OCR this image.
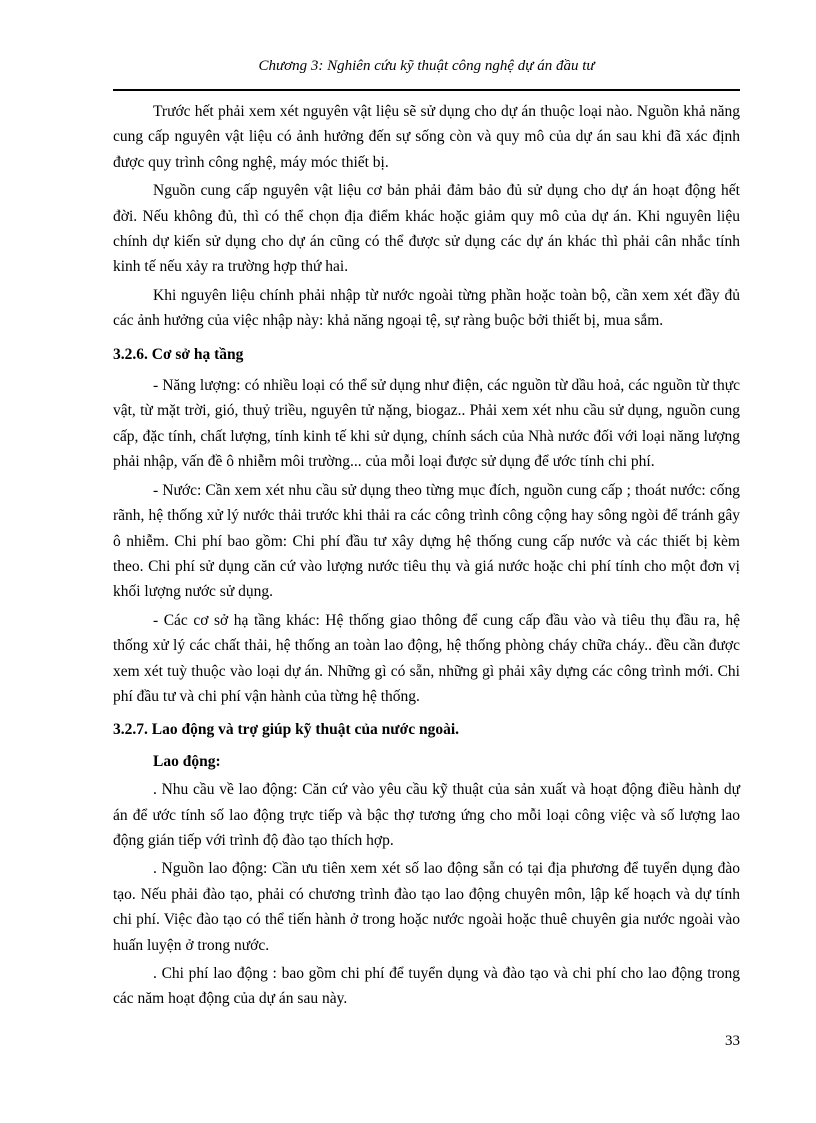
Chương 3: Nghiên cứu kỹ thuật công nghệ dự án đầu tư

Trước hết phải xem xét nguyên vật liệu sẽ sử dụng cho dự án thuộc loại nào. Nguồn khả năng cung cấp nguyên vật liệu có ảnh hưởng đến sự sống còn và quy mô của dự án sau khi đã xác định được quy trình công nghệ, máy móc thiết bị.

Nguồn cung cấp nguyên vật liệu cơ bản phải đảm bảo đủ sử dụng cho dự án hoạt động hết đời. Nếu không đủ, thì có thể chọn địa điểm khác hoặc giảm quy mô của dự án. Khi nguyên liệu chính dự kiến sử dụng cho dự án cũng có thể được sử dụng các dự án khác thì phải cân nhắc tính kinh tế nếu xảy ra trường hợp thứ hai.

Khi nguyên liệu chính phải nhập từ nước ngoài từng phần hoặc toàn bộ, cần xem xét đầy đủ các ảnh hưởng của việc nhập này: khả năng ngoại tệ, sự ràng buộc bởi thiết bị, mua sắm.

3.2.6. Cơ sở hạ tầng

- Năng lượng: có nhiều loại có thể sử dụng như điện, các nguồn từ dầu hoả, các nguồn từ thực vật, từ mặt trời, gió, thuỷ triều, nguyên tử nặng, biogaz.. Phải xem xét nhu cầu sử dụng, nguồn cung cấp, đặc tính, chất lượng, tính kinh tế khi sử dụng, chính sách của Nhà nước đối với loại năng lượng phải nhập, vấn đề ô nhiễm môi trường... của mỗi loại được sử dụng để ước tính chi phí.

- Nước: Cần xem xét nhu cầu sử dụng theo từng mục đích, nguồn cung cấp ; thoát nước: cống rãnh, hệ thống xử lý nước thải trước khi thải ra các công trình công cộng hay sông ngòi để tránh gây ô nhiễm. Chi phí bao gồm: Chi phí đầu tư xây dựng hệ thống cung cấp nước và các thiết bị kèm theo. Chi phí sử dụng căn cứ vào lượng nước tiêu thụ và giá nước hoặc chi phí tính cho một đơn vị khối lượng nước sử dụng.

- Các cơ sở hạ tầng khác: Hệ thống giao thông để cung cấp đầu vào và tiêu thụ đầu ra, hệ thống xử lý các chất thải, hệ thống an toàn lao động, hệ thống phòng cháy chữa cháy.. đều cần được xem xét tuỳ thuộc vào loại dự án. Những gì có sẵn, những gì phải xây dựng các công trình mới. Chi phí đầu tư và chi phí vận hành của từng hệ thống.

3.2.7. Lao động và trợ giúp kỹ thuật của nước ngoài.

Lao động:

. Nhu cầu về lao động: Căn cứ vào yêu cầu kỹ thuật của sản xuất và hoạt động điều hành dự án để ước tính số lao động trực tiếp và bậc thợ tương ứng cho mỗi loại công việc và số lượng lao động gián tiếp với trình độ đào tạo thích hợp.

. Nguồn lao động: Cần ưu tiên xem xét số lao động sẵn có tại địa phương để tuyển dụng đào tạo. Nếu phải đào tạo, phải có chương trình đào tạo lao động chuyên môn, lập kế hoạch và dự tính chi phí. Việc đào tạo có thể tiến hành ở trong hoặc nước ngoài hoặc thuê chuyên gia nước ngoài vào huấn luyện ở trong nước.

. Chi phí lao động : bao gồm chi phí để tuyển dụng và đào tạo và chi phí cho lao động trong các năm hoạt động của dự án sau này.

33
